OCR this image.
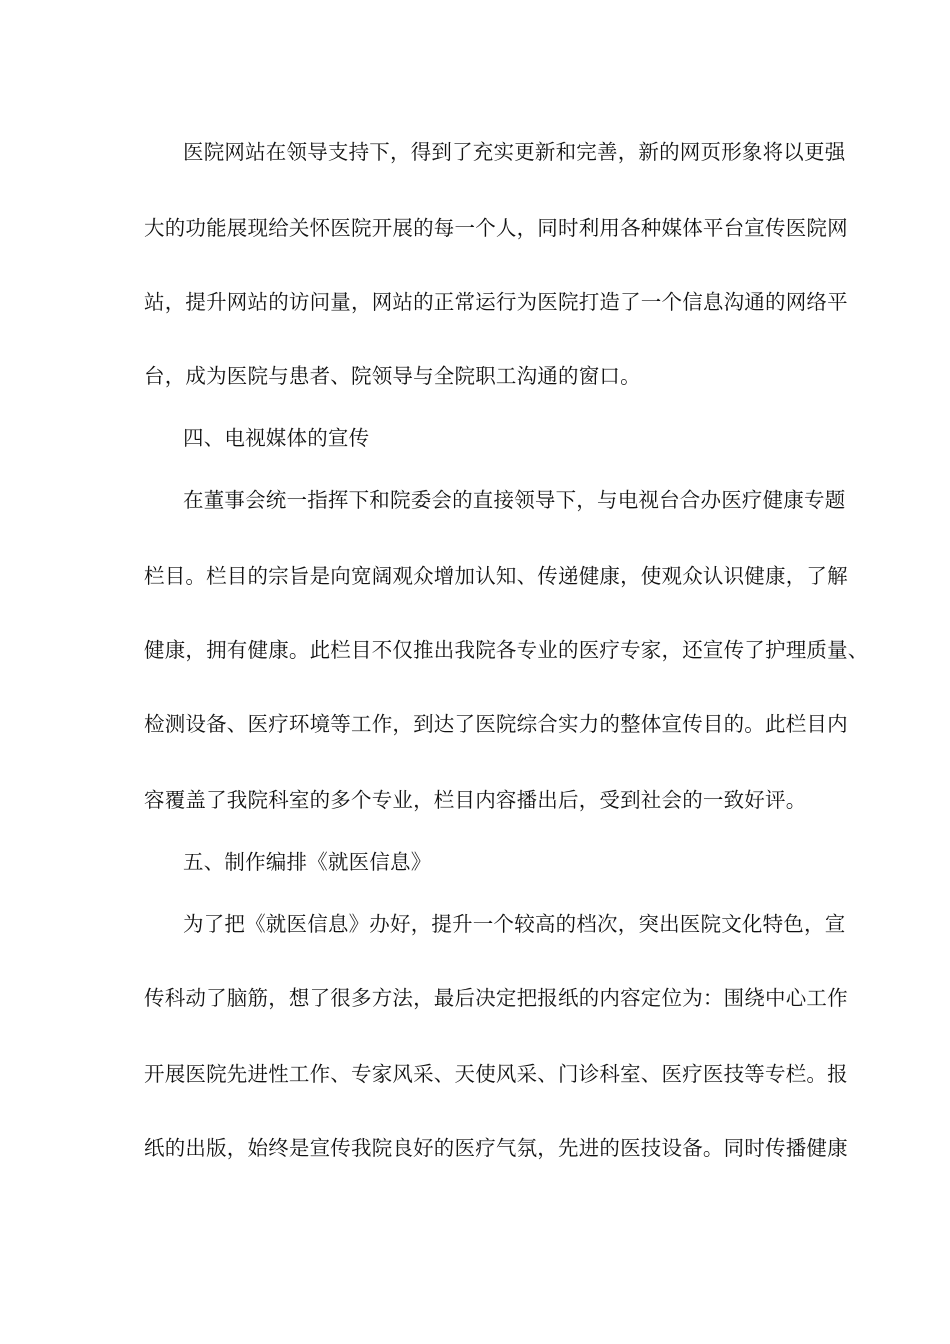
医院网站在领导支持下，得到了充实更新和完善，新的网页形象将以更强
大的功能展现给关怀医院开展的每一个人，同时利用各种媒体平台宣传医院网
站，提升网站的访问量，网站的正常运行为医院打造了一个信息沟通的网络平
台，成为医院与患者、院领导与全院职工沟通的窗口。
四、电视媒体的宣传
在董事会统一指挥下和院委会的直接领导下，与电视台合办医疗健康专题
栏目。栏目的宗旨是向宽阔观众增加认知、传递健康，使观众认识健康，了解
健康，拥有健康。此栏目不仅推出我院各专业的医疗专家，还宣传了护理质量、
检测设备、医疗环境等工作，到达了医院综合实力的整体宣传目的。此栏目内
容覆盖了我院科室的多个专业，栏目内容播出后，受到社会的一致好评。
五、制作编排《就医信息》
为了把《就医信息》办好，提升一个较高的档次，突出医院文化特色，宣
传科动了脑筋，想了很多方法，最后决定把报纸的内容定位为：围绕中心工作
开展医院先进性工作、专家风采、天使风采、门诊科室、医疗医技等专栏。报
纸的出版，始终是宣传我院良好的医疗气氛，先进的医技设备。同时传播健康
